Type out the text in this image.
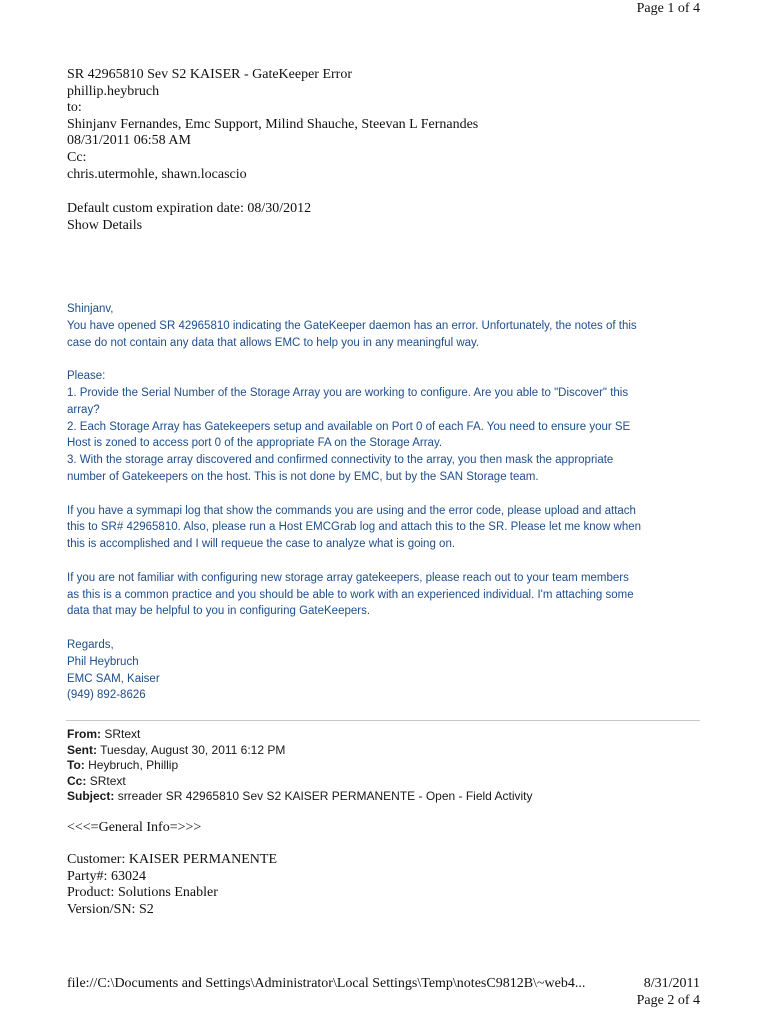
Page 1 of 4
SR 42965810 Sev S2 KAISER - GateKeeper Error
phillip.heybruch
to:
Shinjanv Fernandes, Emc Support, Milind Shauche, Steevan L Fernandes
08/31/2011 06:58 AM
Cc:
chris.utermohle, shawn.locascio
Default custom expiration date: 08/30/2012
Show Details
Shinjanv,
You have opened SR 42965810 indicating the GateKeeper daemon has an error. Unfortunately, the notes of this
case do not contain any data that allows EMC to help you in any meaningful way.
Please:
1. Provide the Serial Number of the Storage Array you are working to configure. Are you able to "Discover" this
array?
2. Each Storage Array has Gatekeepers setup and available on Port 0 of each FA. You need to ensure your SE
Host is zoned to access port 0 of the appropriate FA on the Storage Array.
3. With the storage array discovered and confirmed connectivity to the array, you then mask the appropriate
number of Gatekeepers on the host. This is not done by EMC, but by the SAN Storage team.
If you have a symmapi log that show the commands you are using and the error code, please upload and attach
this to SR# 42965810. Also, please run a Host EMCGrab log and attach this to the SR. Please let me know when
this is accomplished and I will requeue the case to analyze what is going on.
If you are not familiar with configuring new storage array gatekeepers, please reach out to your team members
as this is a common practice and you should be able to work with an experienced individual. I'm attaching some
data that may be helpful to you in configuring GateKeepers.
Regards,
Phil Heybruch
EMC SAM, Kaiser
(949) 892-8626
From: SRtext
Sent: Tuesday, August 30, 2011 6:12 PM
To: Heybruch, Phillip
Cc: SRtext
Subject: srreader SR 42965810 Sev S2 KAISER PERMANENTE - Open - Field Activity
<<<=General Info=>>>
Customer: KAISER PERMANENTE
Party#: 63024
Product: Solutions Enabler
Version/SN: S2
file://C:\Documents and Settings\Administrator\Local Settings\Temp\notesC9812B\~web4...	8/31/2011
Page 2 of 4
